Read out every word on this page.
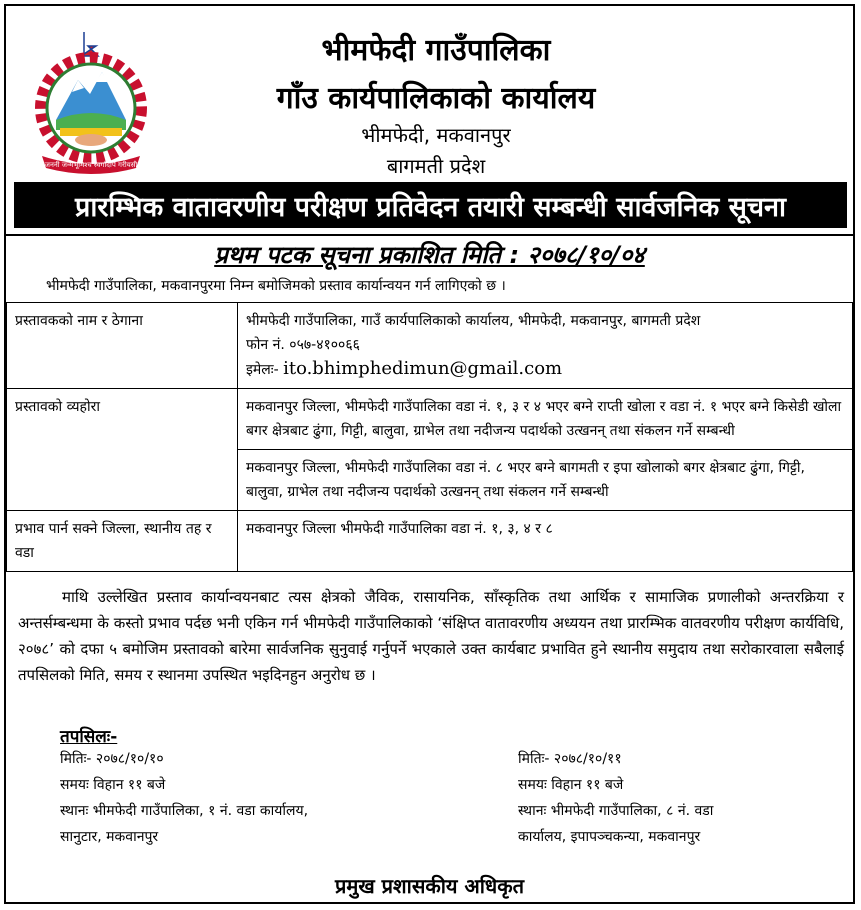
जननी जन्मभूमिश्च स्वर्गादपि गरीयसी
भीमफेदी गाउँपालिका
गाँउ कार्यपालिकाको कार्यालय
भीमफेदी, मकवानपुर
बागमती प्रदेश
प्रारम्भिक वातावरणीय परीक्षण प्रतिवेदन तयारी सम्बन्धी सार्वजनिक सूचना
प्रथम पटक सूचना प्रकाशित मिति : २०७८/१०/०४
भीमफेदी गाउँपालिका, मकवानपुरमा निम्न बमोजिमको प्रस्ताव कार्यान्वयन गर्न लागिएको छ ।
प्रस्तावकको नाम र ठेगाना	भीमफेदी गाउँपालिका, गाउँ कार्यपालिकाको कार्यालय, भीमफेदी, मकवानपुर, बागमती प्रदेश
फोन नं. ०५७-४१००६६
इमेलः- ito.bhimphedimun@gmail.com

प्रस्तावको व्यहोरा	मकवानपुर जिल्ला, भीमफेदी गाउँपालिका वडा नं. १, ३ र ४ भएर बग्ने राप्ती खोला र वडा नं. १ भएर बग्ने किसेडी खोला बगर क्षेत्रबाट ढुंगा, गिट्टी, बालुवा, ग्राभेल तथा नदीजन्य पदार्थको उत्खनन् तथा संकलन गर्ने सम्बन्धी
	मकवानपुर जिल्ला, भीमफेदी गाउँपालिका वडा नं. ८ भएर बग्ने बागमती र इपा खोलाको बगर क्षेत्रबाट ढुंगा, गिट्टी, बालुवा, ग्राभेल तथा नदीजन्य पदार्थको उत्खनन् तथा संकलन गर्ने सम्बन्धी
प्रभाव पार्न सक्ने जिल्ला, स्थानीय तह र वडा	मकवानपुर जिल्ला भीमफेदी गाउँपालिका वडा नं. १, ३, ४ र ८
माथि उल्लेखित प्रस्ताव कार्यान्वयनबाट त्यस क्षेत्रको जैविक, रासायनिक, साँस्कृतिक तथा आर्थिक र सामाजिक प्रणालीको अन्तरक्रिया र अन्तर्सम्बन्धमा के कस्तो प्रभाव पर्दछ भनी एकिन गर्न भीमफेदी गाउँपालिकाको ‘संक्षिप्त वातावरणीय अध्ययन तथा प्रारम्भिक वातवरणीय परीक्षण कार्यविधि, २०७८’ को दफा ५ बमोजिम प्रस्तावको बारेमा सार्वजनिक सुनुवाई गर्नुपर्ने भएकाले उक्त कार्यबाट प्रभावित हुने स्थानीय समुदाय तथा सरोकारवाला सबैलाई तपसिलको मिति, समय र स्थानमा उपस्थित भइदिनहुन अनुरोध छ ।
तपसिलः-
मितिः- २०७८/१०/१०
समयः विहान ११ बजे
स्थानः भीमफेदी गाउँपालिका, १ नं. वडा कार्यालय,
सानुटार, मकवानपुर
मितिः- २०७८/१०/११
समयः विहान ११ बजे
स्थानः भीमफेदी गाउँपालिका, ८ नं. वडा
कार्यालय, इपापञ्चकन्या, मकवानपुर
प्रमुख प्रशासकीय अधिकृत
